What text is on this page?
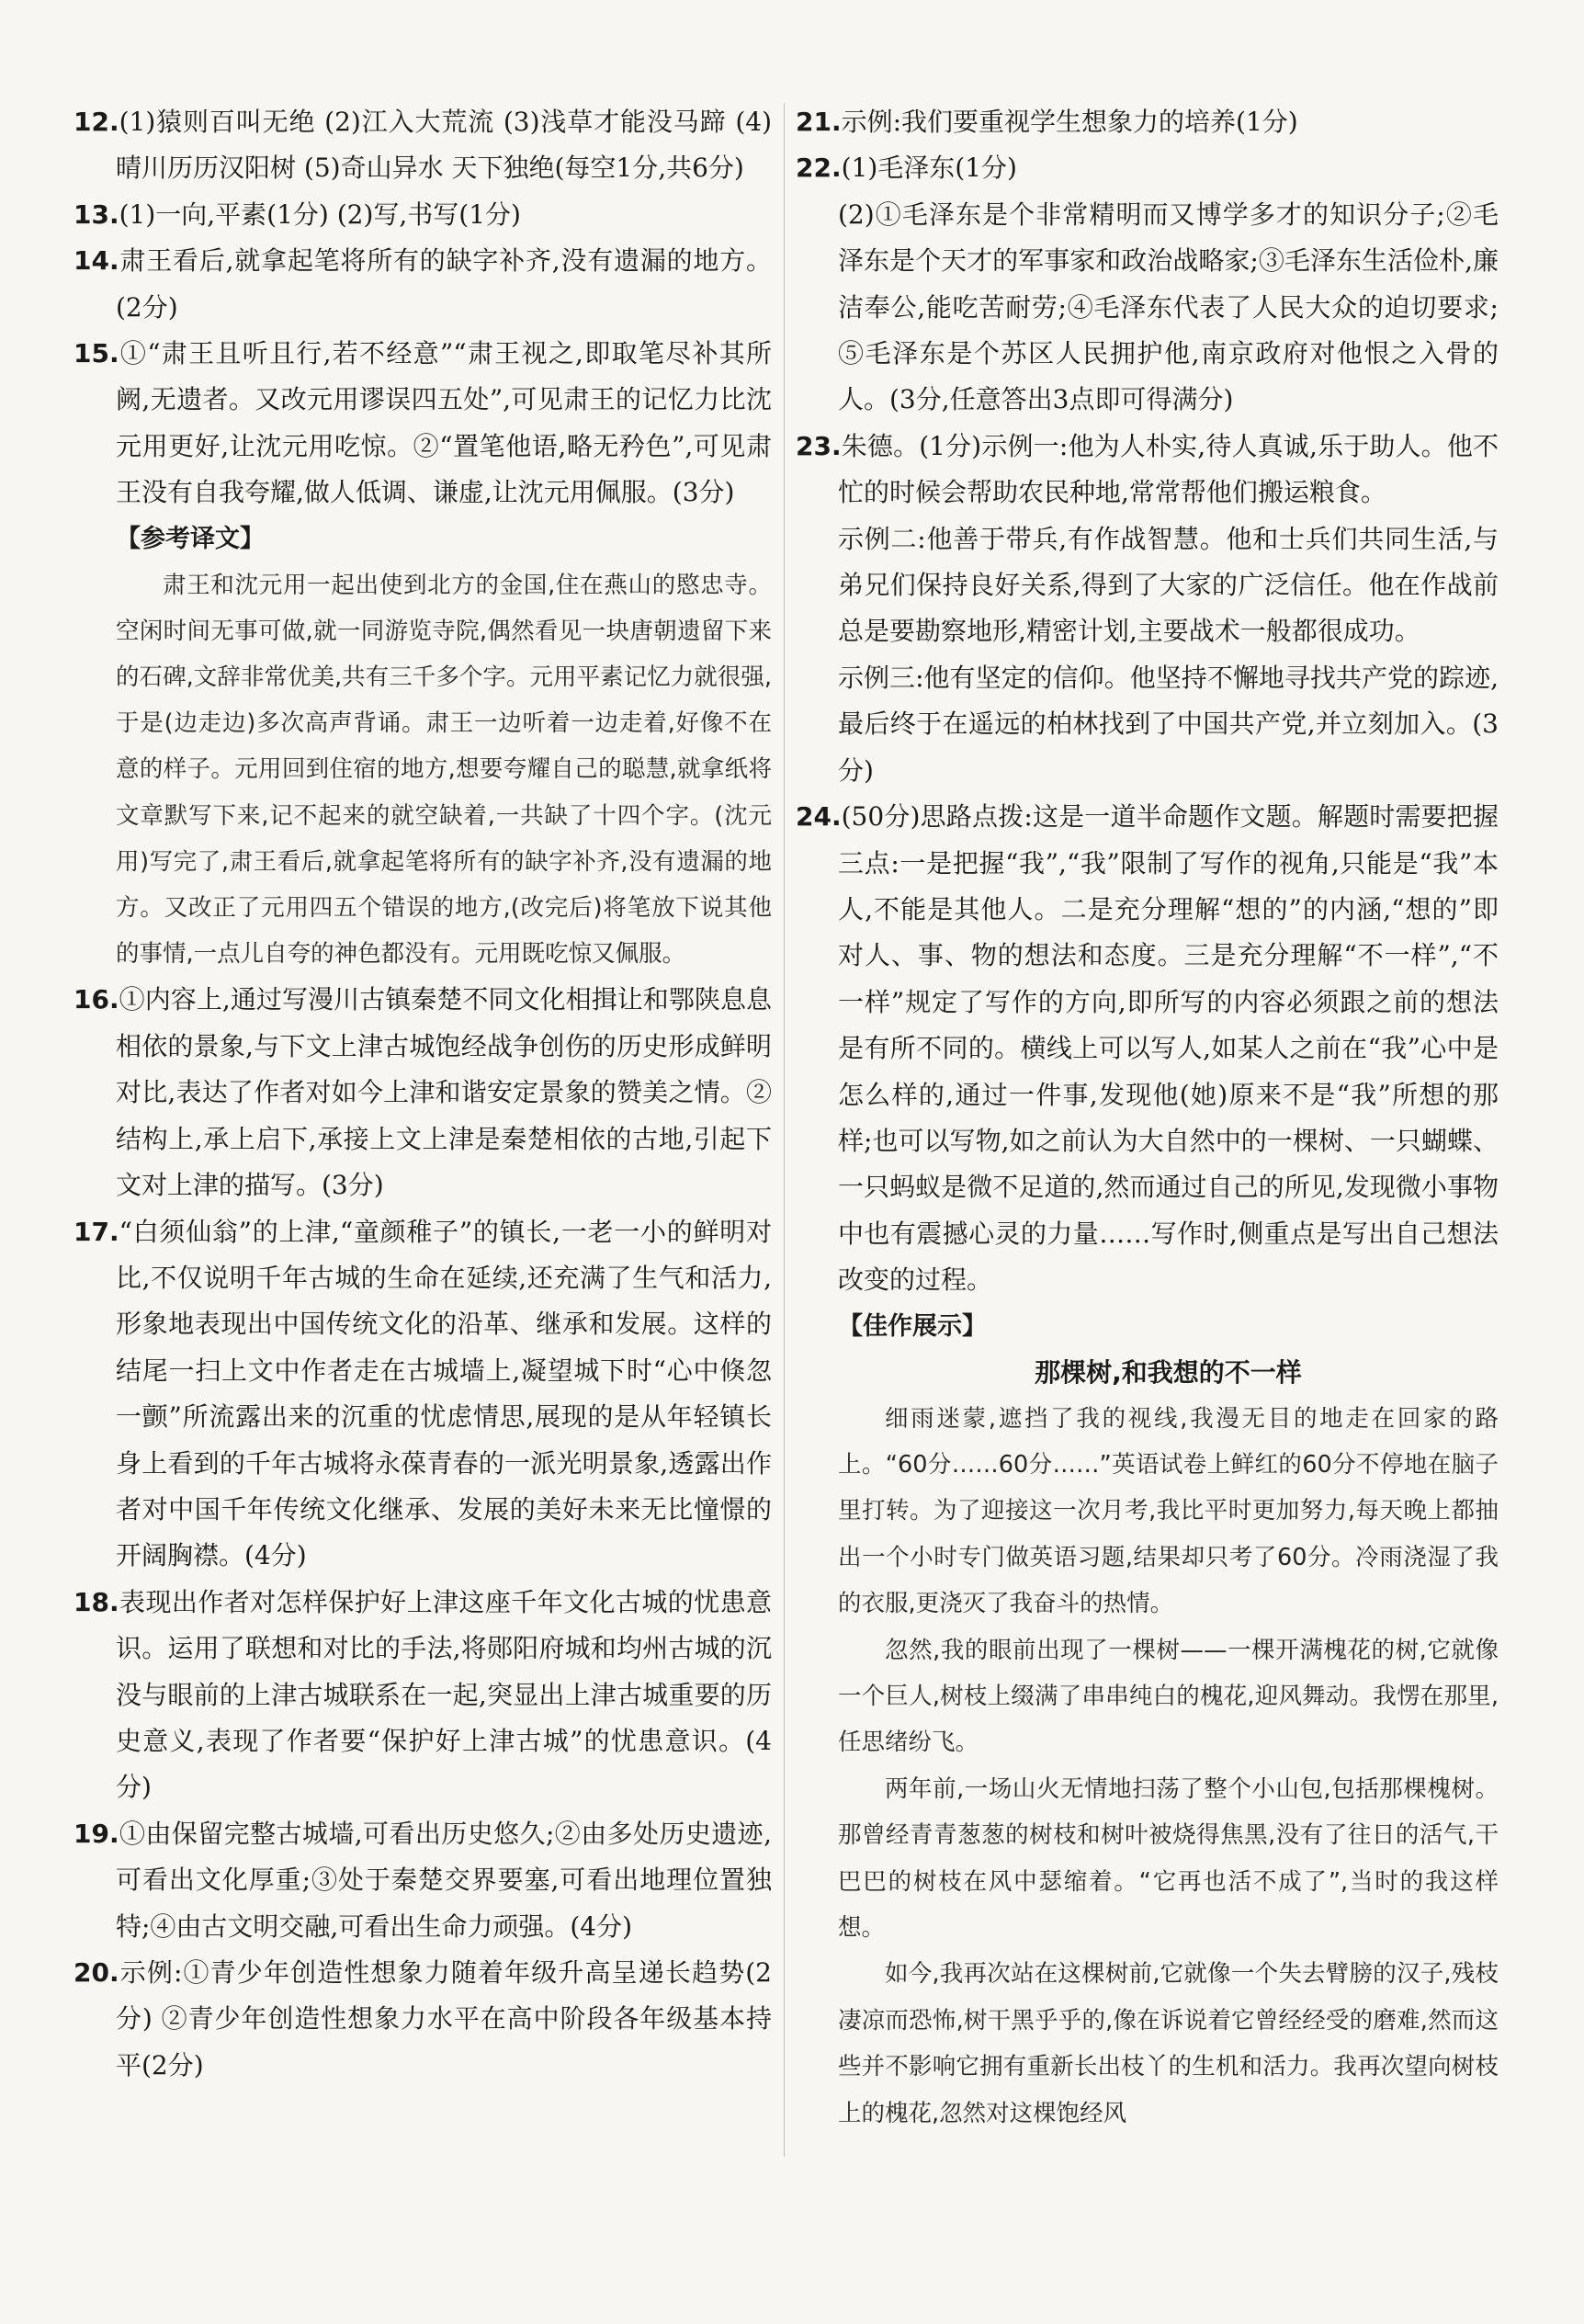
12.(1)猿则百叫无绝 (2)江入大荒流 (3)浅草才能没马蹄 (4)晴川历历汉阳树 (5)奇山异水 天下独绝(每空1分,共6分)

13.(1)一向,平素(1分) (2)写,书写(1分)

14.肃王看后,就拿起笔将所有的缺字补齐,没有遗漏的地方。(2分)

15.①“肃王且听且行,若不经意”“肃王视之,即取笔尽补其所阙,无遗者。又改元用谬误四五处”,可见肃王的记忆力比沈元用更好,让沈元用吃惊。②“置笔他语,略无矜色”,可见肃王没有自我夸耀,做人低调、谦虚,让沈元用佩服。(3分)

【参考译文】

肃王和沈元用一起出使到北方的金国,住在燕山的愍忠寺。空闲时间无事可做,就一同游览寺院,偶然看见一块唐朝遗留下来的石碑,文辞非常优美,共有三千多个字。元用平素记忆力就很强,于是(边走边)多次高声背诵。肃王一边听着一边走着,好像不在意的样子。元用回到住宿的地方,想要夸耀自己的聪慧,就拿纸将文章默写下来,记不起来的就空缺着,一共缺了十四个字。(沈元用)写完了,肃王看后,就拿起笔将所有的缺字补齐,没有遗漏的地方。又改正了元用四五个错误的地方,(改完后)将笔放下说其他的事情,一点儿自夸的神色都没有。元用既吃惊又佩服。

16.①内容上,通过写漫川古镇秦楚不同文化相揖让和鄂陕息息相依的景象,与下文上津古城饱经战争创伤的历史形成鲜明对比,表达了作者对如今上津和谐安定景象的赞美之情。②结构上,承上启下,承接上文上津是秦楚相依的古地,引起下文对上津的描写。(3分)

17.“白须仙翁”的上津,“童颜稚子”的镇长,一老一小的鲜明对比,不仅说明千年古城的生命在延续,还充满了生气和活力,形象地表现出中国传统文化的沿革、继承和发展。这样的结尾一扫上文中作者走在古城墙上,凝望城下时“心中倏忽一颤”所流露出来的沉重的忧虑情思,展现的是从年轻镇长身上看到的千年古城将永葆青春的一派光明景象,透露出作者对中国千年传统文化继承、发展的美好未来无比憧憬的开阔胸襟。(4分)

18.表现出作者对怎样保护好上津这座千年文化古城的忧患意识。运用了联想和对比的手法,将郧阳府城和均州古城的沉没与眼前的上津古城联系在一起,突显出上津古城重要的历史意义,表现了作者要“保护好上津古城”的忧患意识。(4分)

19.①由保留完整古城墙,可看出历史悠久;②由多处历史遗迹,可看出文化厚重;③处于秦楚交界要塞,可看出地理位置独特;④由古文明交融,可看出生命力顽强。(4分)

20.示例:①青少年创造性想象力随着年级升高呈递长趋势(2分) ②青少年创造性想象力水平在高中阶段各年级基本持平(2分)

21.示例:我们要重视学生想象力的培养(1分)

22.(1)毛泽东(1分)

(2)①毛泽东是个非常精明而又博学多才的知识分子;②毛泽东是个天才的军事家和政治战略家;③毛泽东生活俭朴,廉洁奉公,能吃苦耐劳;④毛泽东代表了人民大众的迫切要求;⑤毛泽东是个苏区人民拥护他,南京政府对他恨之入骨的人。(3分,任意答出3点即可得满分)

23.朱德。(1分)示例一:他为人朴实,待人真诚,乐于助人。他不忙的时候会帮助农民种地,常常帮他们搬运粮食。

示例二:他善于带兵,有作战智慧。他和士兵们共同生活,与弟兄们保持良好关系,得到了大家的广泛信任。他在作战前总是要勘察地形,精密计划,主要战术一般都很成功。

示例三:他有坚定的信仰。他坚持不懈地寻找共产党的踪迹,最后终于在遥远的柏林找到了中国共产党,并立刻加入。(3分)

24.(50分)思路点拨:这是一道半命题作文题。解题时需要把握三点:一是把握“我”,“我”限制了写作的视角,只能是“我”本人,不能是其他人。二是充分理解“想的”的内涵,“想的”即对人、事、物的想法和态度。三是充分理解“不一样”,“不一样”规定了写作的方向,即所写的内容必须跟之前的想法是有所不同的。横线上可以写人,如某人之前在“我”心中是怎么样的,通过一件事,发现他(她)原来不是“我”所想的那样;也可以写物,如之前认为大自然中的一棵树、一只蝴蝶、一只蚂蚁是微不足道的,然而通过自己的所见,发现微小事物中也有震撼心灵的力量……写作时,侧重点是写出自己想法改变的过程。

【佳作展示】

那棵树,和我想的不一样

细雨迷蒙,遮挡了我的视线,我漫无目的地走在回家的路上。“60分……60分……”英语试卷上鲜红的60分不停地在脑子里打转。为了迎接这一次月考,我比平时更加努力,每天晚上都抽出一个小时专门做英语习题,结果却只考了60分。冷雨浇湿了我的衣服,更浇灭了我奋斗的热情。

忽然,我的眼前出现了一棵树——一棵开满槐花的树,它就像一个巨人,树枝上缀满了串串纯白的槐花,迎风舞动。我愣在那里,任思绪纷飞。

两年前,一场山火无情地扫荡了整个小山包,包括那棵槐树。那曾经青青葱葱的树枝和树叶被烧得焦黑,没有了往日的活气,干巴巴的树枝在风中瑟缩着。“它再也活不成了”,当时的我这样想。

如今,我再次站在这棵树前,它就像一个失去臂膀的汉子,残枝凄凉而恐怖,树干黑乎乎的,像在诉说着它曾经经受的磨难,然而这些并不影响它拥有重新长出枝丫的生机和活力。我再次望向树枝上的槐花,忽然对这棵饱经风
